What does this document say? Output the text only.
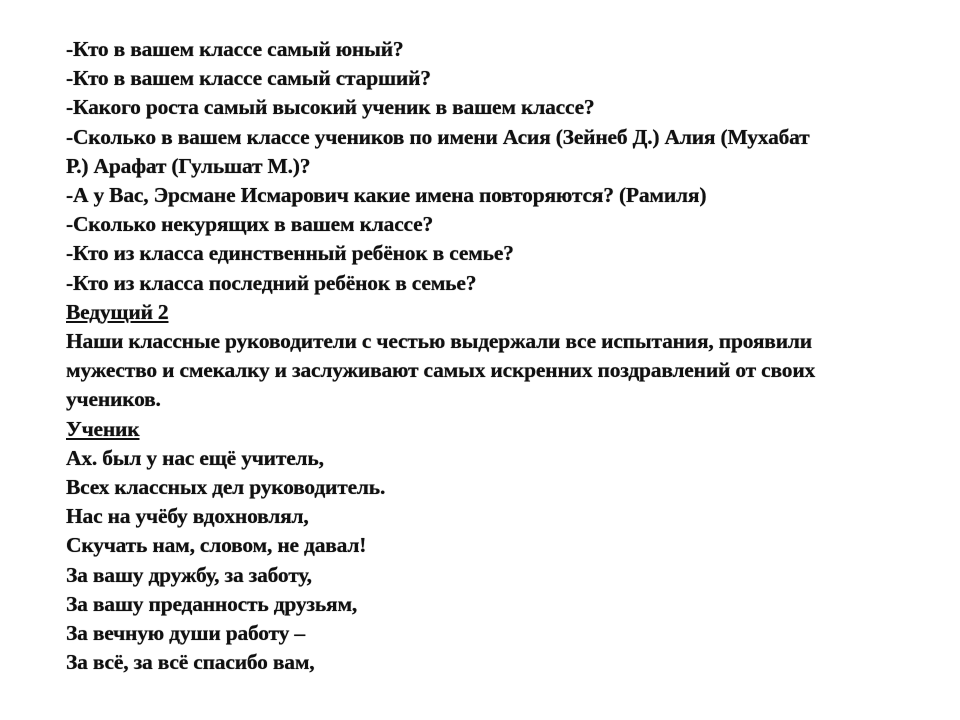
-Кто в вашем классе самый юный?
-Кто в вашем классе самый старший?
-Какого роста самый высокий ученик в вашем классе?
-Сколько в вашем классе учеников по имени Асия (Зейнеб Д.) Алия (Мухабат
Р.) Арафат (Гульшат М.)?
-А у Вас, Эрсмане Исмарович какие имена повторяются? (Рамиля)
-Сколько некурящих в вашем классе?
-Кто из класса единственный ребёнок в семье?
-Кто из класса последний ребёнок в семье?
Ведущий 2
Наши классные руководители с честью выдержали все испытания, проявили
мужество и смекалку и заслуживают самых искренних поздравлений от своих
учеников.
Ученик
Ах. был у нас ещё учитель,
Всех классных дел руководитель.
Нас на учёбу вдохновлял,
Скучать нам, словом, не давал!
За вашу дружбу, за заботу,
За вашу преданность друзьям,
За вечную души работу –
За всё, за всё спасибо вам,
